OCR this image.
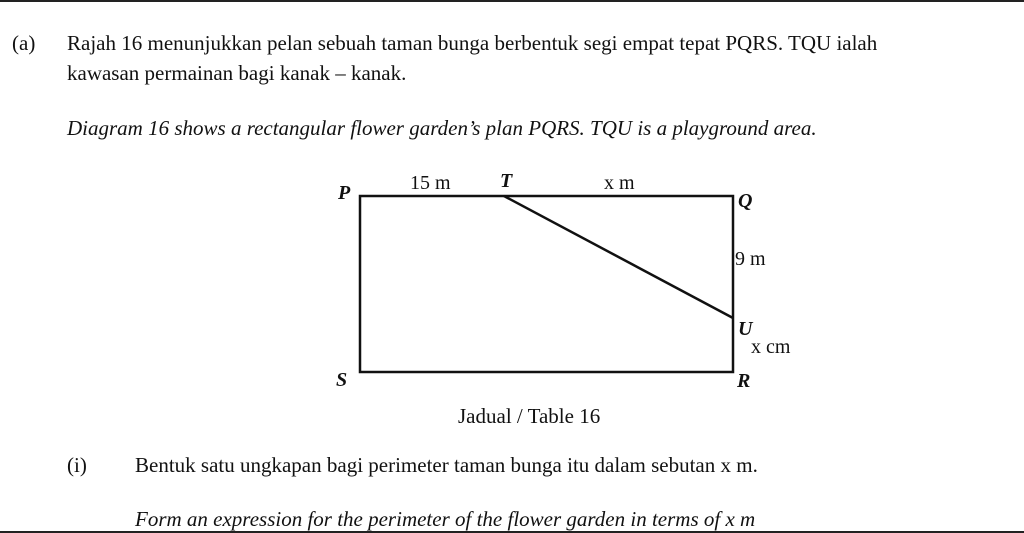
(a) Rajah 16 menunjukkan pelan sebuah taman bunga berbentuk segi empat tepat PQRS. TQU ialah
kawasan permainan bagi kanak – kanak.
Diagram 16 shows a rectangular flower garden’s plan PQRS. TQU is a playground area.
P
T
Q
U
R
S
15 m	x m
9 m
x cm
Jadual / Table 16
(i) Bentuk satu ungkapan bagi perimeter taman bunga itu dalam sebutan x m.
Form an expression for the perimeter of the flower garden in terms of x m
